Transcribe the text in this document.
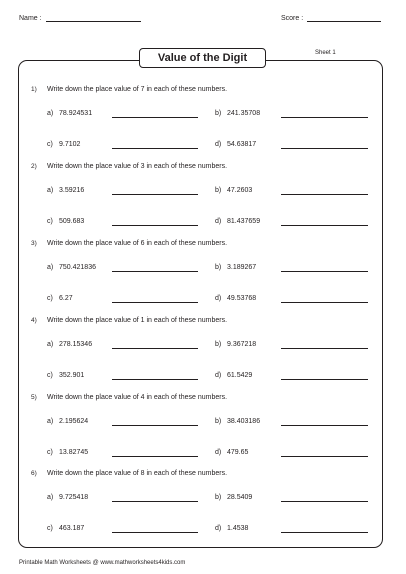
Name :	Score :
Value of the Digit	Sheet 1
1) Write down the place value of 7 in each of these numbers.
a) 78.924531	b) 241.35708
c) 9.7102	d) 54.63817
2) Write down the place value of 3 in each of these numbers.
a) 3.59216	b) 47.2603
c) 509.683	d) 81.437659
3) Write down the place value of 6 in each of these numbers.
a) 750.421836	b) 3.189267
c) 6.27	d) 49.53768
4) Write down the place value of 1 in each of these numbers.
a) 278.15346	b) 9.367218
c) 352.901	d) 61.5429
5) Write down the place value of 4 in each of these numbers.
a) 2.195624	b) 38.403186
c) 13.82745	d) 479.65
6) Write down the place value of 8 in each of these numbers.
a) 9.725418	b) 28.5409
c) 463.187	d) 1.4538
Printable Math Worksheets @ www.mathworksheets4kids.com
